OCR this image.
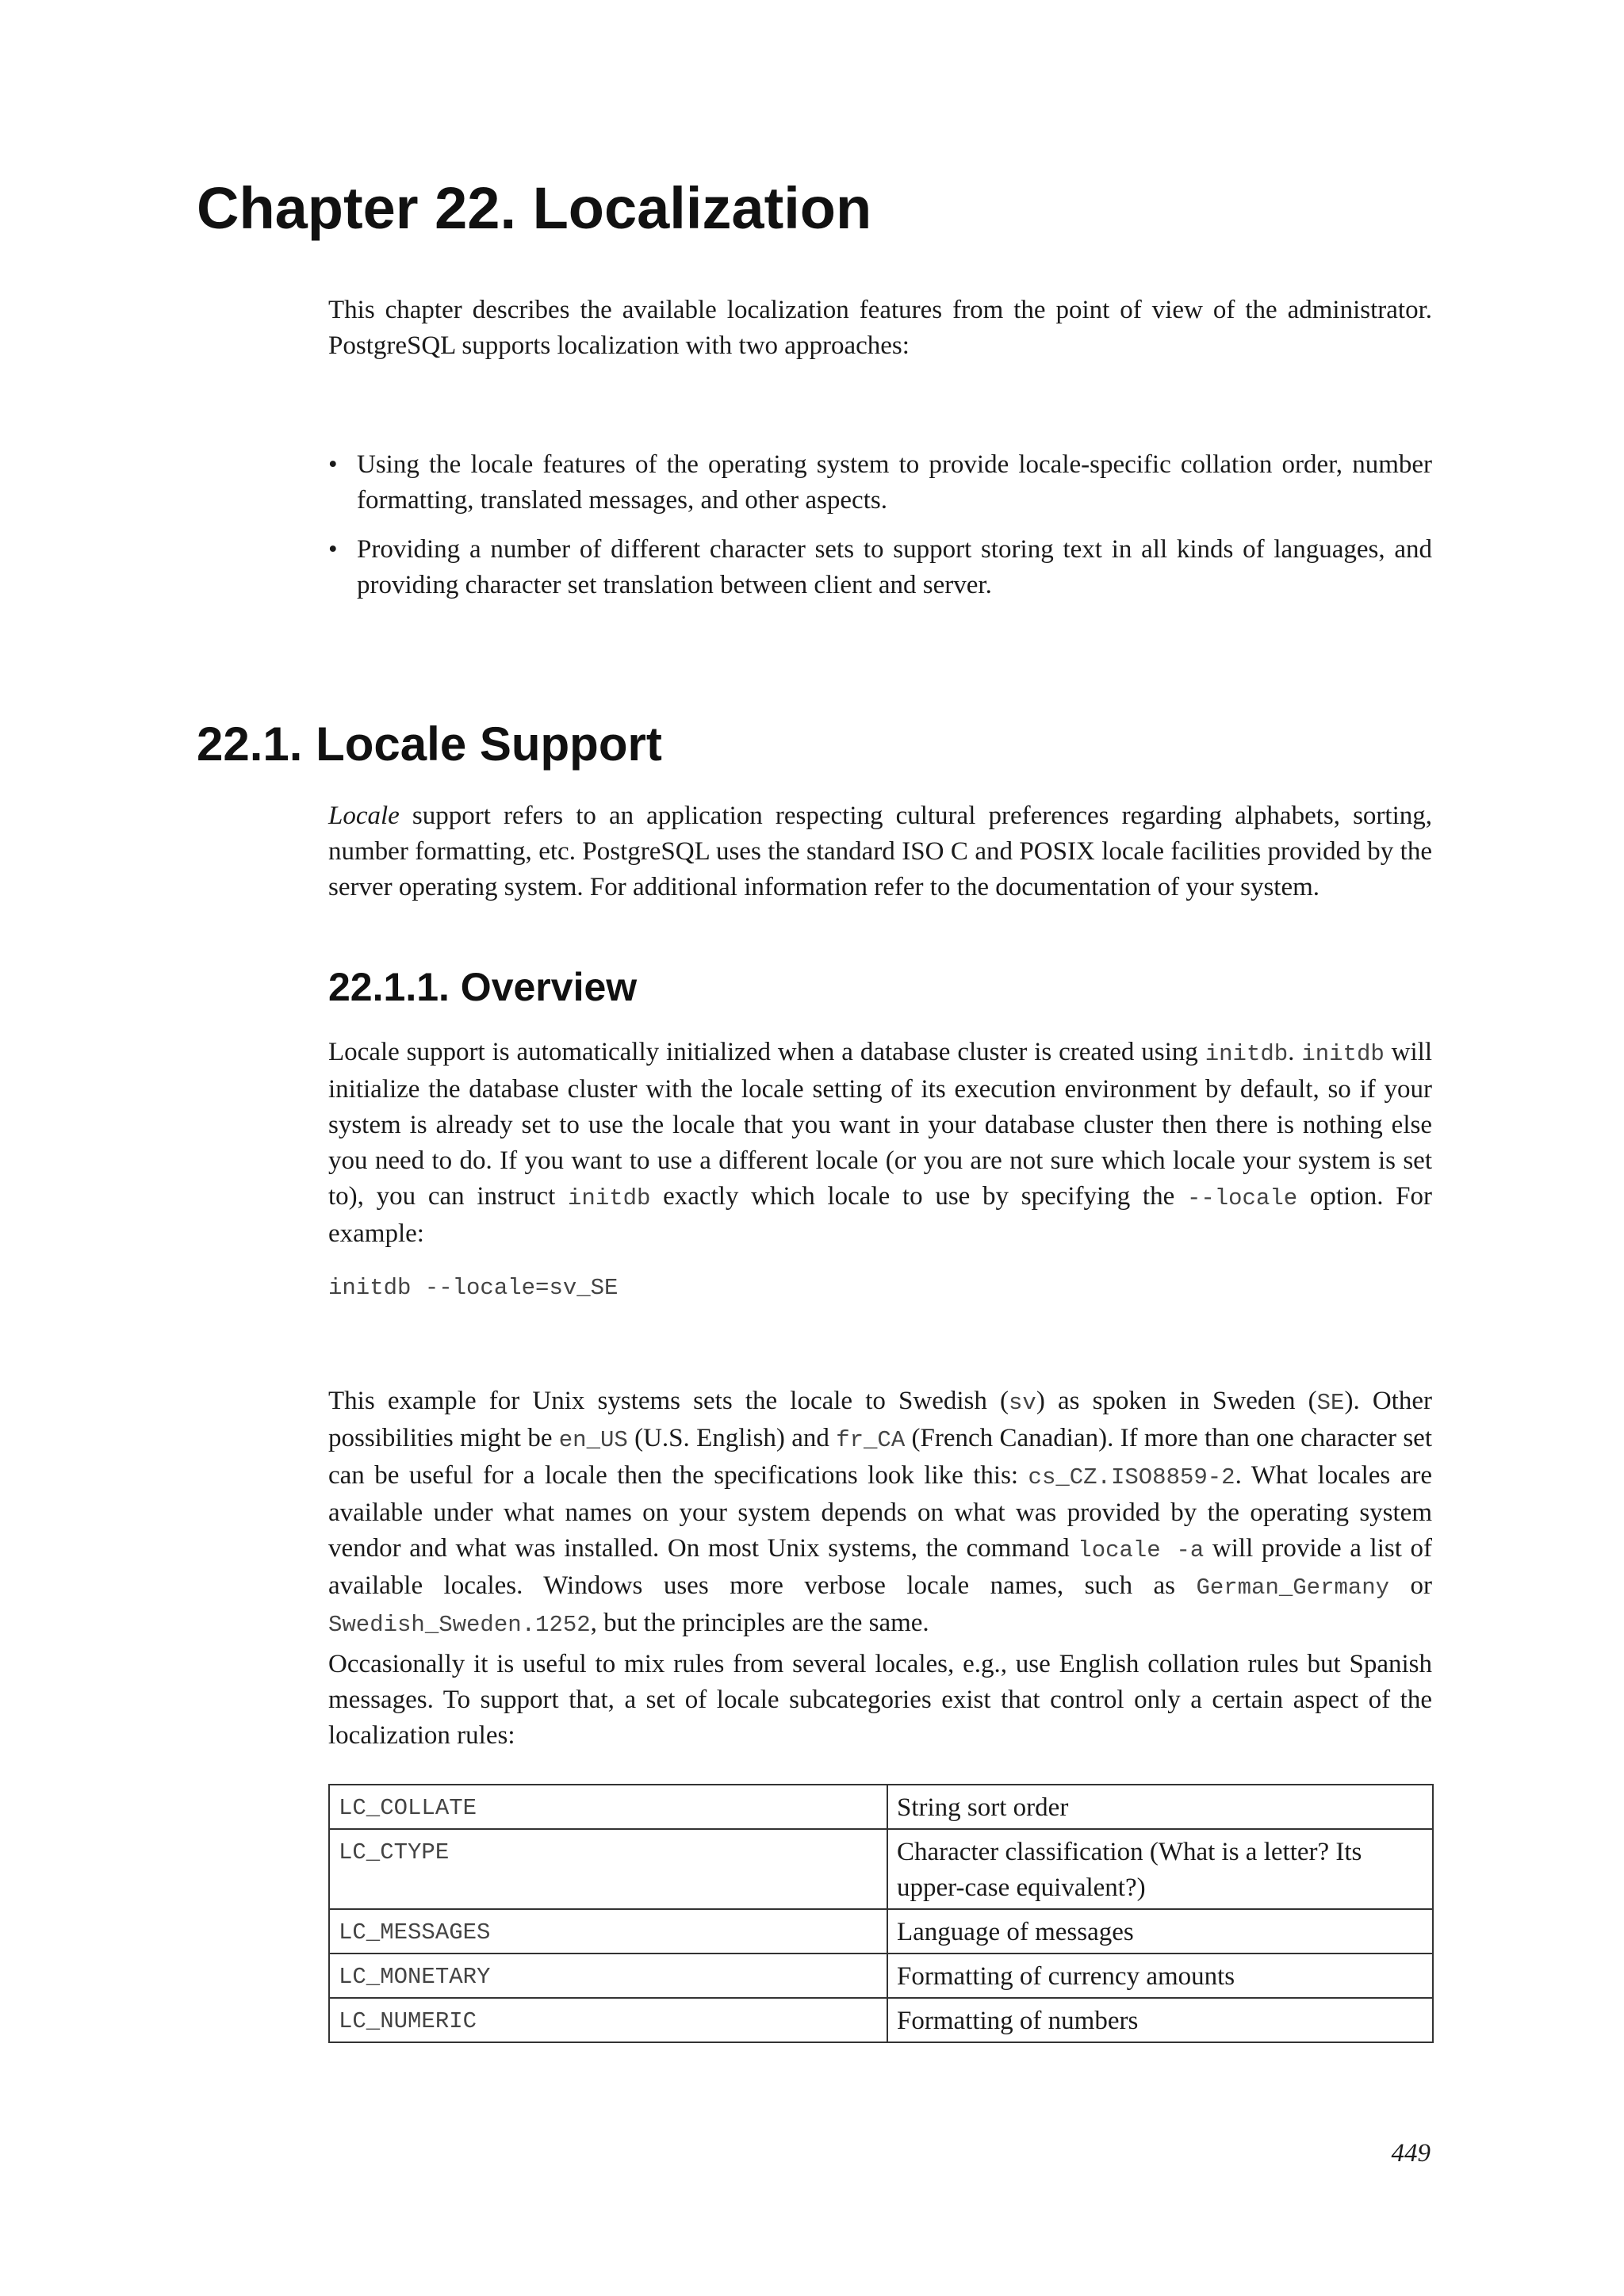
Chapter 22. Localization
This chapter describes the available localization features from the point of view of the administrator. PostgreSQL supports localization with two approaches:
• Using the locale features of the operating system to provide locale-specific collation order, number formatting, translated messages, and other aspects.
• Providing a number of different character sets to support storing text in all kinds of languages, and providing character set translation between client and server.
22.1. Locale Support

Locale support refers to an application respecting cultural preferences regarding alphabets, sorting, number formatting, etc. PostgreSQL uses the standard ISO C and POSIX locale facilities provided by the server operating system. For additional information refer to the documentation of your system.

22.1.1. Overview

Locale support is automatically initialized when a database cluster is created using initdb. initdb will initialize the database cluster with the locale setting of its execution environment by default, so if your system is already set to use the locale that you want in your database cluster then there is nothing else you need to do. If you want to use a different locale (or you are not sure which locale your system is set to), you can instruct initdb exactly which locale to use by specifying the --locale option. For example:

initdb --locale=sv_SE

This example for Unix systems sets the locale to Swedish (sv) as spoken in Sweden (SE). Other possibilities might be en_US (U.S. English) and fr_CA (French Canadian). If more than one character set can be useful for a locale then the specifications look like this: cs_CZ.ISO8859-2. What locales are available under what names on your system depends on what was provided by the operating system vendor and what was installed. On most Unix systems, the command locale -a will provide a list of available locales. Windows uses more verbose locale names, such as German_Germany or Swedish_Sweden.1252, but the principles are the same.

Occasionally it is useful to mix rules from several locales, e.g., use English collation rules but Spanish messages. To support that, a set of locale subcategories exist that control only a certain aspect of the localization rules:

LC_COLLATE	String sort order
LC_CTYPE	Character classification (What is a letter? Its upper-case equivalent?)
LC_MESSAGES	Language of messages
LC_MONETARY	Formatting of currency amounts
LC_NUMERIC	Formatting of numbers
449
